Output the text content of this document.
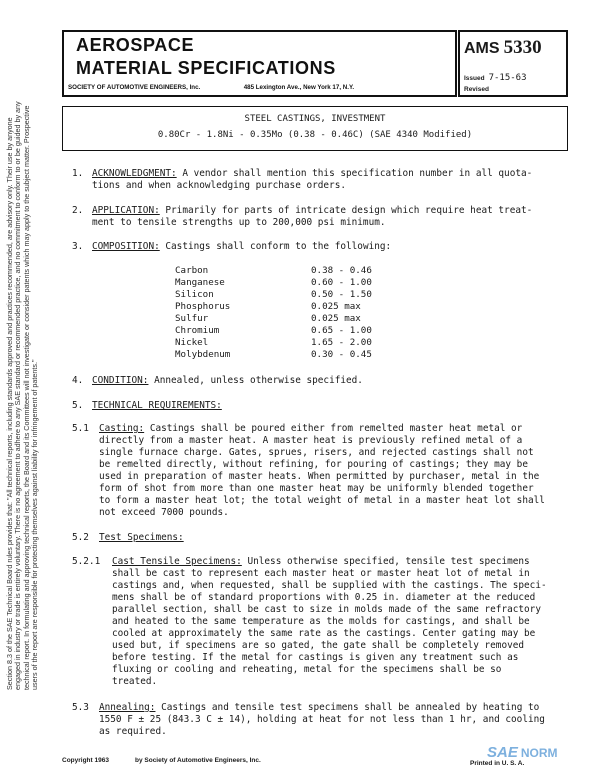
Section 8.3 of the SAE Technical Board rules provides that: "All technical reports, including standards approved and practices recommended, are advisory only. Their use by anyone engaged in industry or trade is entirely voluntary. There is no agreement to adhere to any SAE standard or recommended practice, and no commitment to conform to or be guided by any technical report. In formulating and approving technical reports, the Board and its Committees will not investigate or consider patents which may apply to the subject matter. Prospective users of the report are responsible for protecting themselves against liability for infringement of patents."
AEROSPACE
MATERIAL SPECIFICATIONS
SOCIETY OF AUTOMOTIVE ENGINEERS, Inc.	485 Lexington Ave., New York 17, N.Y.
AMS 5330
Issued 7-15-63
Revised
STEEL CASTINGS, INVESTMENT
0.80Cr - 1.8Ni - 0.35Mo (0.38 - 0.46C) (SAE 4340 Modified)
1. ACKNOWLEDGMENT: A vendor shall mention this specification number in all quota-
tions and when acknowledging purchase orders.
2. APPLICATION: Primarily for parts of intricate design which require heat treat-
ment to tensile strengths up to 200,000 psi minimum.
3. COMPOSITION: Castings shall conform to the following:
Carbon	0.38 - 0.46
Manganese	0.60 - 1.00
Silicon	0.50 - 1.50
Phosphorus	0.025 max
Sulfur	0.025 max
Chromium	0.65 - 1.00
Nickel	1.65 - 2.00
Molybdenum	0.30 - 0.45
4. CONDITION: Annealed, unless otherwise specified.
5. TECHNICAL REQUIREMENTS:
5.1 Casting: Castings shall be poured either from remelted master heat metal or
directly from a master heat. A master heat is previously refined metal of a
single furnace charge. Gates, sprues, risers, and rejected castings shall not
be remelted directly, without refining, for pouring of castings; they may be
used in preparation of master heats. When permitted by purchaser, metal in the
form of shot from more than one master heat may be uniformly blended together
to form a master heat lot; the total weight of metal in a master heat lot shall
not exceed 7000 pounds.
5.2 Test Specimens:
5.2.1 Cast Tensile Specimens: Unless otherwise specified, tensile test specimens
shall be cast to represent each master heat or master heat lot of metal in
castings and, when requested, shall be supplied with the castings. The speci-
mens shall be of standard proportions with 0.25 in. diameter at the reduced
parallel section, shall be cast to size in molds made of the same refractory
and heated to the same temperature as the molds for castings, and shall be
cooled at approximately the same rate as the castings. Center gating may be
used but, if specimens are so gated, the gate shall be completely removed
before testing. If the metal for castings is given any treatment such as
fluxing or cooling and reheating, metal for the specimens shall be so
treated.
5.3 Annealing: Castings and tensile test specimens shall be annealed by heating to
1550 F ± 25 (843.3 C ± 14), holding at heat for not less than 1 hr, and cooling
as required.
Copyright 1963	by Society of Automotive Engineers, Inc.	Printed in U. S. A.
SAE NORM
